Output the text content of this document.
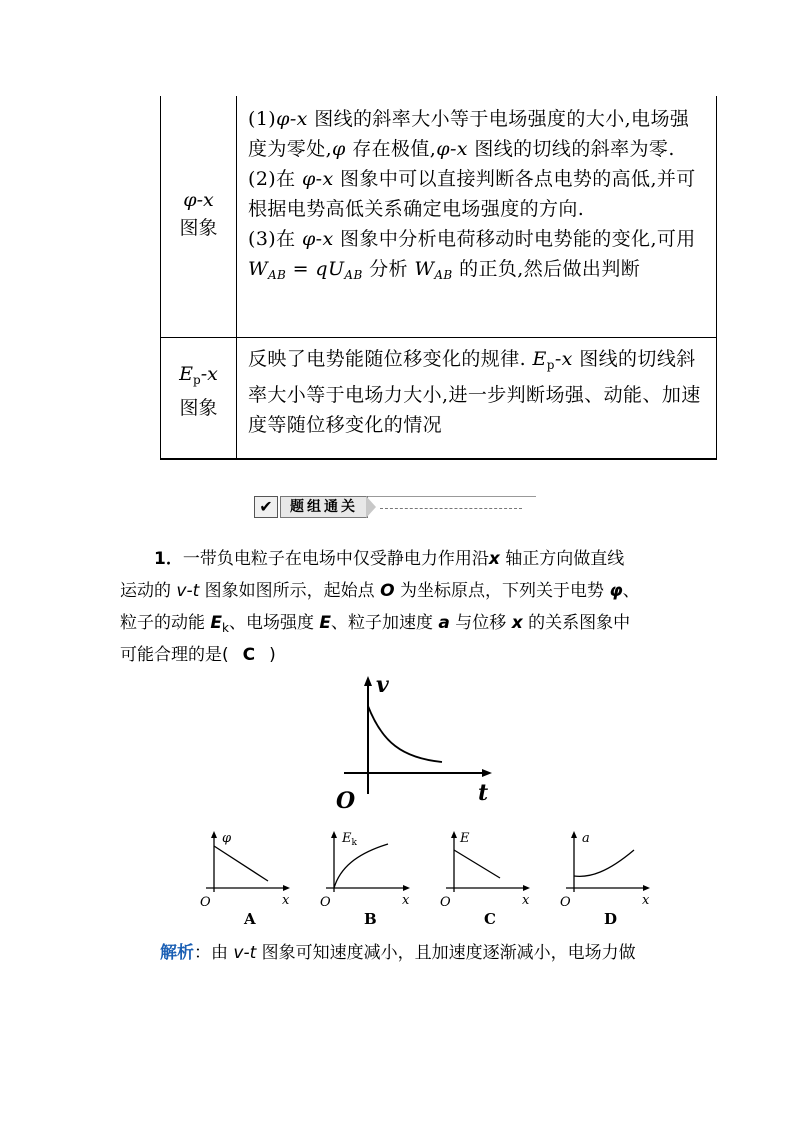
φ-x
图象

(1)φ-x 图线的斜率大小等于电场强度的大小,电场强度为零处,φ 存在极值,φ-x 图线的切线的斜率为零.

(2)在 φ-x 图象中可以直接判断各点电势的高低,并可根据电势高低关系确定电场强度的方向.

(3)在 φ-x 图象中分析电荷移动时电势能的变化,可用 $W_{AB} = qU_{AB}$ 分析 $W_{AB}$ 的正负,然后做出判断

$E_p-x$
图象

反映了电势能随位移变化的规律. $E_p-x$ 图线的切线斜率大小等于电场力大小,进一步判断场强、动能、加速度等随位移变化的情况

✔	题组通关
1．一带负电粒子在电场中仅受静电力作用沿x 轴正方向做直线
运动的 v-t 图象如图所示，起始点 O 为坐标原点，下列关于电势 φ、
粒子的动能 $E_k$、电场强度 E、粒子加速度 a 与位移 x 的关系图象中
可能合理的是( C )
v
t
O
φ
x
O
A
$E_k$
x
O
B
E
x
O
C
a
x
O
D
解析：由 v-t 图象可知速度减小，且加速度逐渐减小，电场力做
